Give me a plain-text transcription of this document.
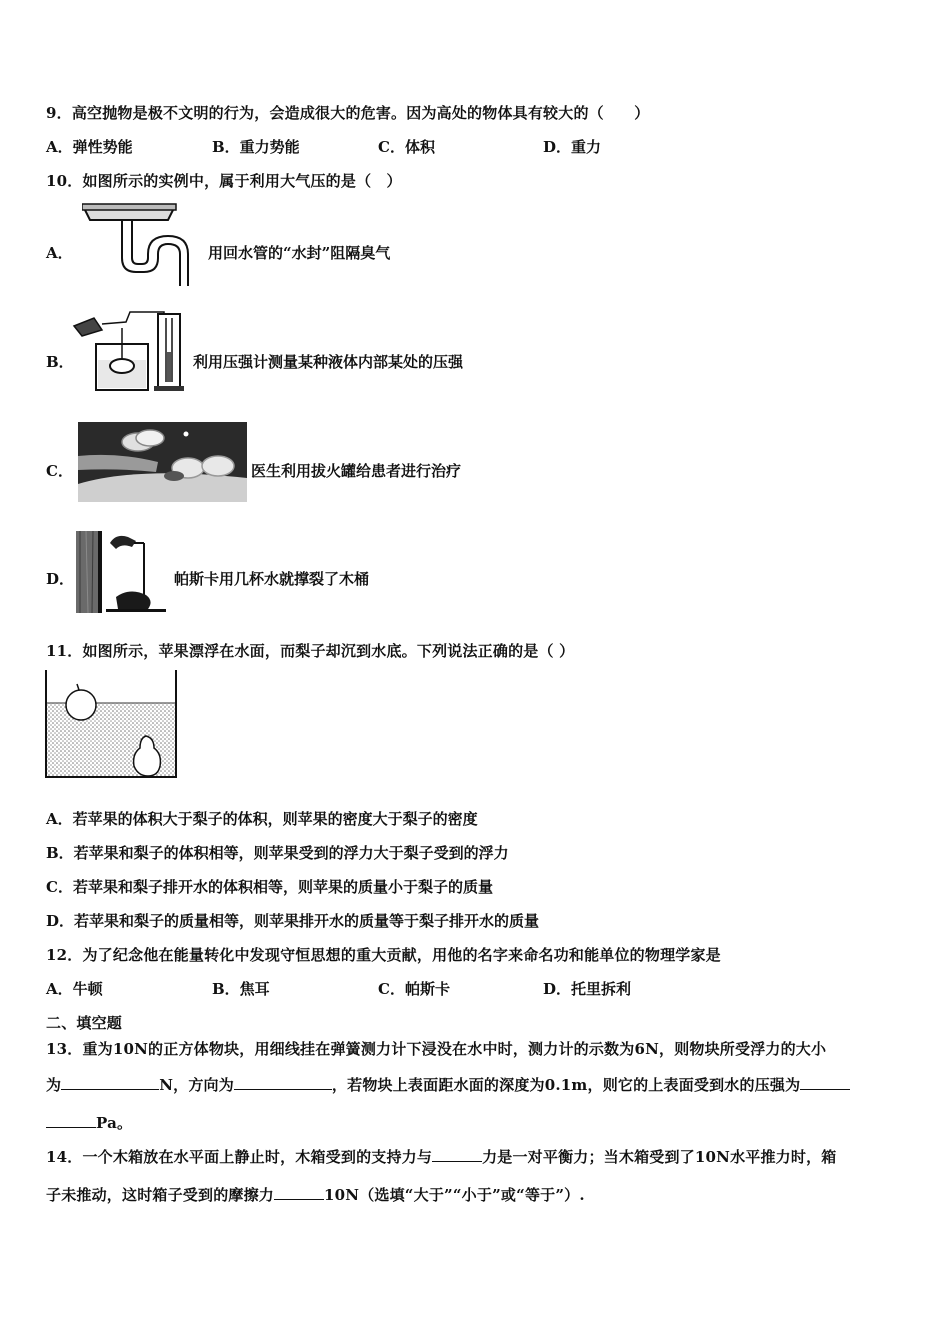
9．高空抛物是极不文明的行为，会造成很大的危害。因为高处的物体具有较大的（　　）
A．弹性势能	B．重力势能	C．体积	D．重力
10．如图所示的实例中，属于利用大气压的是（　）
A．	用回水管的“水封”阻隔臭气
B．	利用压强计测量某种液体内部某处的压强
C．	医生利用拔火罐给患者进行治疗
D．	帕斯卡用几杯水就撑裂了木桶
11．如图所示，苹果漂浮在水面，而梨子却沉到水底。下列说法正确的是（ ）
A．若苹果的体积大于梨子的体积，则苹果的密度大于梨子的密度
B．若苹果和梨子的体积相等，则苹果受到的浮力大于梨子受到的浮力
C．若苹果和梨子排开水的体积相等，则苹果的质量小于梨子的质量
D．若苹果和梨子的质量相等，则苹果排开水的质量等于梨子排开水的质量
12．为了纪念他在能量转化中发现守恒思想的重大贡献，用他的名字来命名功和能单位的物理学家是
A．牛顿	B．焦耳	C．帕斯卡	D．托里拆利
二、填空题
13．重为10N的正方体物块，用细线挂在弹簧测力计下浸没在水中时，测力计的示数为6N，则物块所受浮力的大小
为	N，方向为	，若物块上表面距水面的深度为0.1m，则它的上表面受到水的压强为
Pa。
14．一个木箱放在水平面上静止时，木箱受到的支持力与	力是一对平衡力；当木箱受到了10N水平推力时，箱
子未推动，这时箱子受到的摩擦力	10N（选填“大于”“小于”或“等于”）.
